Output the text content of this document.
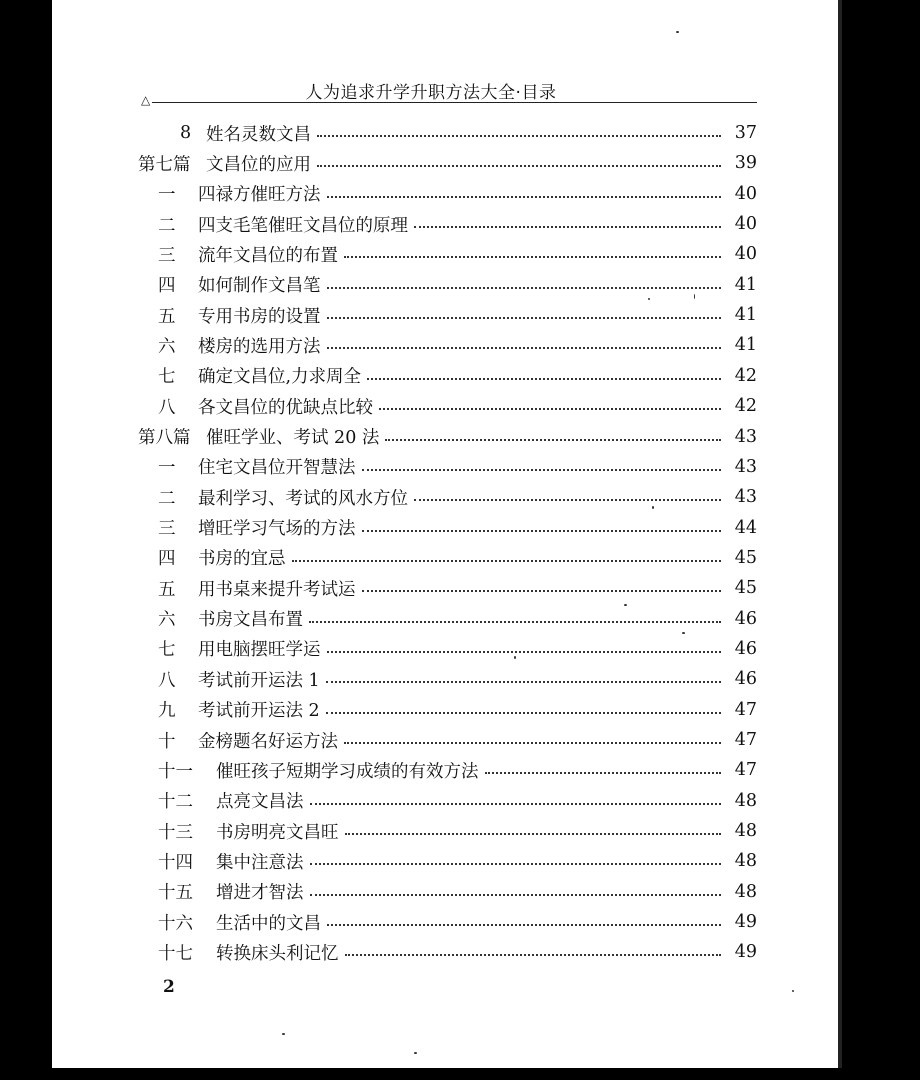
人为追求升学升职方法大全·目录
△
8 姓名灵数文昌	37
第七篇 文昌位的应用	39
一	四禄方催旺方法	40
二	四支毛笔催旺文昌位的原理	40
三	流年文昌位的布置	40
四	如何制作文昌笔	41
五	专用书房的设置	41
六	楼房的选用方法	41
七	确定文昌位,力求周全	42
八	各文昌位的优缺点比较	42
第八篇 催旺学业、考试 20 法	43
一	住宅文昌位开智慧法	43
二	最利学习、考试的风水方位	43
三	增旺学习气场的方法	44
四	书房的宜忌	45
五	用书桌来提升考试运	45
六	书房文昌布置	46
七	用电脑摆旺学运	46
八	考试前开运法 1	46
九	考试前开运法 2	47
十	金榜题名好运方法	47
十一	催旺孩子短期学习成绩的有效方法	47
十二	点亮文昌法	48
十三	书房明亮文昌旺	48
十四	集中注意法	48
十五	增进才智法	48
十六	生活中的文昌	49
十七	转换床头利记忆	49
2
